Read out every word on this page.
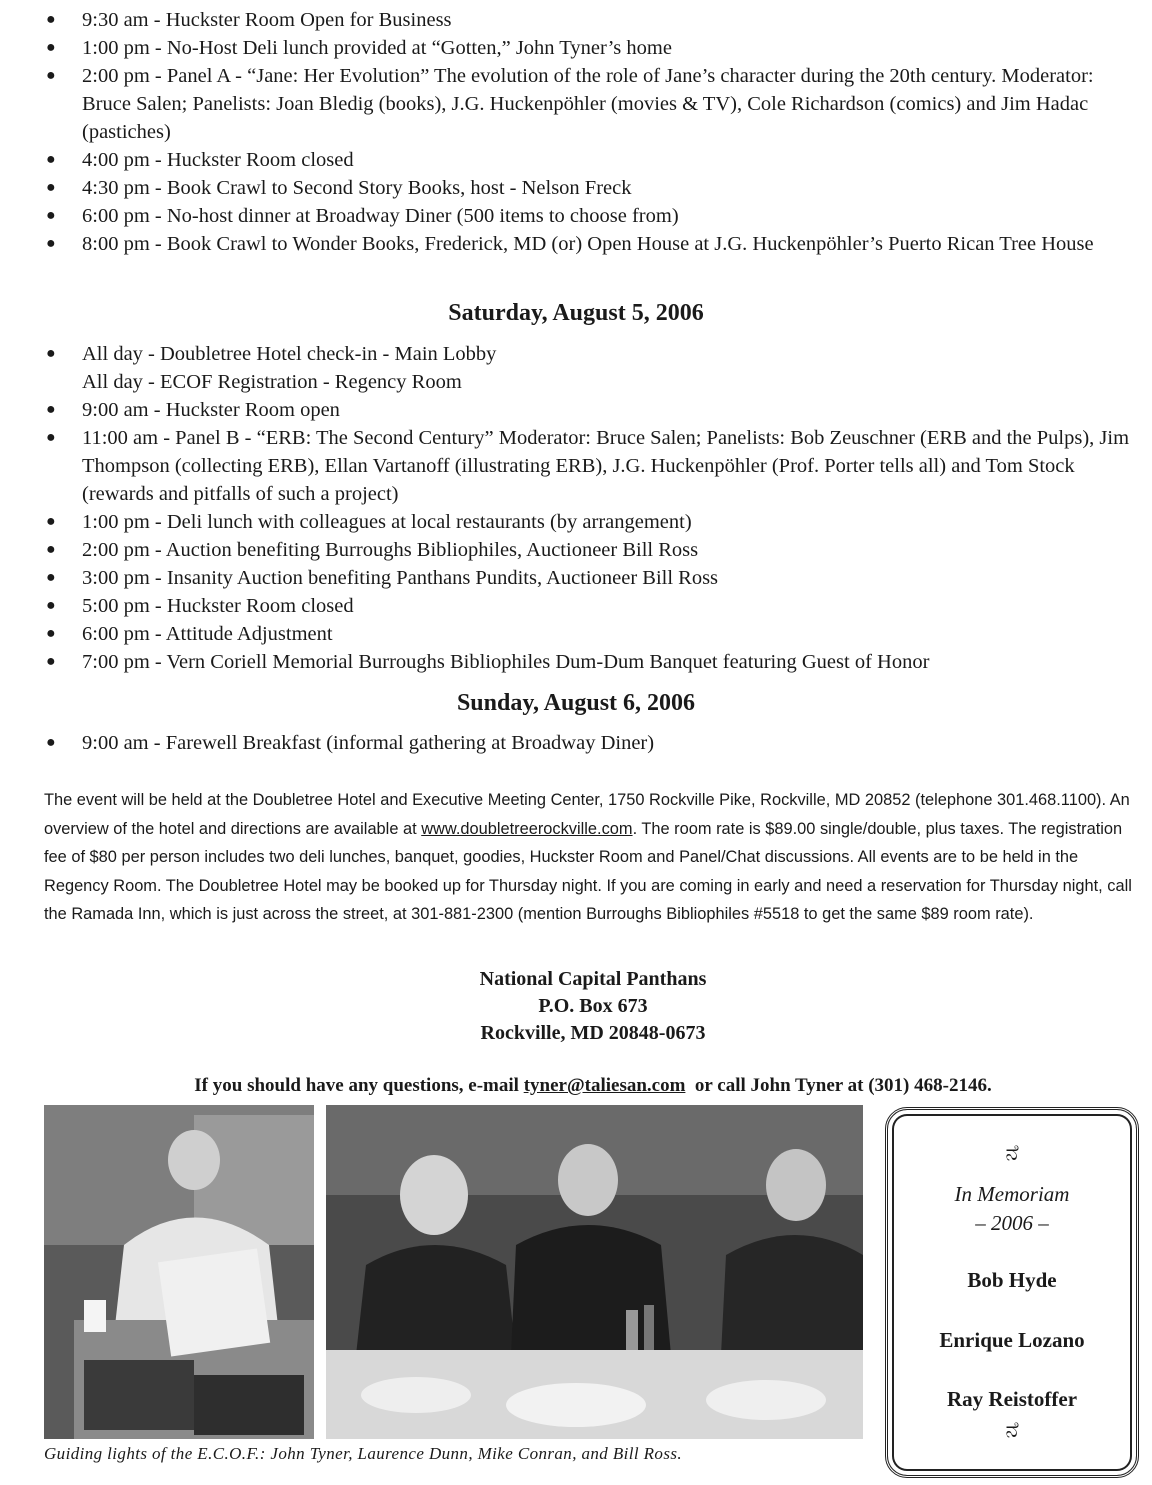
● 9:30 am - Huckster Room Open for Business
● 1:00 pm - No-Host Deli lunch provided at “Gotten,” John Tyner’s home
● 2:00 pm - Panel A - “Jane: Her Evolution” The evolution of the role of Jane’s character during the 20th century. Moderator: Bruce Salen; Panelists: Joan Bledig (books), J.G. Huckenpöhler (movies & TV), Cole Richardson (comics) and Jim Hadac (pastiches)
● 4:00 pm - Huckster Room closed
● 4:30 pm - Book Crawl to Second Story Books, host - Nelson Freck
● 6:00 pm - No-host dinner at Broadway Diner (500 items to choose from)
● 8:00 pm - Book Crawl to Wonder Books, Frederick, MD (or) Open House at J.G. Huckenpöhler’s Puerto Rican Tree House
Saturday, August 5, 2006
● All day - Doubletree Hotel check-in - Main Lobby
All day - ECOF Registration - Regency Room
● 9:00 am - Huckster Room open
● 11:00 am - Panel B - “ERB: The Second Century” Moderator: Bruce Salen; Panelists: Bob Zeuschner (ERB and the Pulps), Jim Thompson (collecting ERB), Ellan Vartanoff (illustrating ERB), J.G. Huckenpöhler (Prof. Porter tells all) and Tom Stock (rewards and pitfalls of such a project)
● 1:00 pm - Deli lunch with colleagues at local restaurants (by arrangement)
● 2:00 pm - Auction benefiting Burroughs Bibliophiles, Auctioneer Bill Ross
● 3:00 pm - Insanity Auction benefiting Panthans Pundits, Auctioneer Bill Ross
● 5:00 pm - Huckster Room closed
● 6:00 pm - Attitude Adjustment
● 7:00 pm - Vern Coriell Memorial Burroughs Bibliophiles Dum-Dum Banquet featuring Guest of Honor
Sunday, August 6, 2006
● 9:00 am - Farewell Breakfast (informal gathering at Broadway Diner)
The event will be held at the Doubletree Hotel and Executive Meeting Center, 1750 Rockville Pike, Rockville, MD 20852 (telephone 301.468.1100). An overview of the hotel and directions are available at www.doubletreerockville.com. The room rate is $89.00 single/double, plus taxes. The registration fee of $80 per person includes two deli lunches, banquet, goodies, Huckster Room and Panel/Chat discussions. All events are to be held in the Regency Room. The Doubletree Hotel may be booked up for Thursday night. If you are coming in early and need a reservation for Thursday night, call the Ramada Inn, which is just across the street, at 301-881-2300 (mention Burroughs Bibliophiles #5518 to get the same $89 room rate).
National Capital Panthans
P.O. Box 673
Rockville, MD 20848-0673
If you should have any questions, e-mail tyner@taliesan.com  or call John Tyner at (301) 468-2146.
Guiding lights of the E.C.O.F.: John Tyner, Laurence Dunn, Mike Conran, and Bill Ross.
ನೆ
In Memoriam
– 2006 –
Bob Hyde
Enrique Lozano
Ray Reistoffer
ನೆ
